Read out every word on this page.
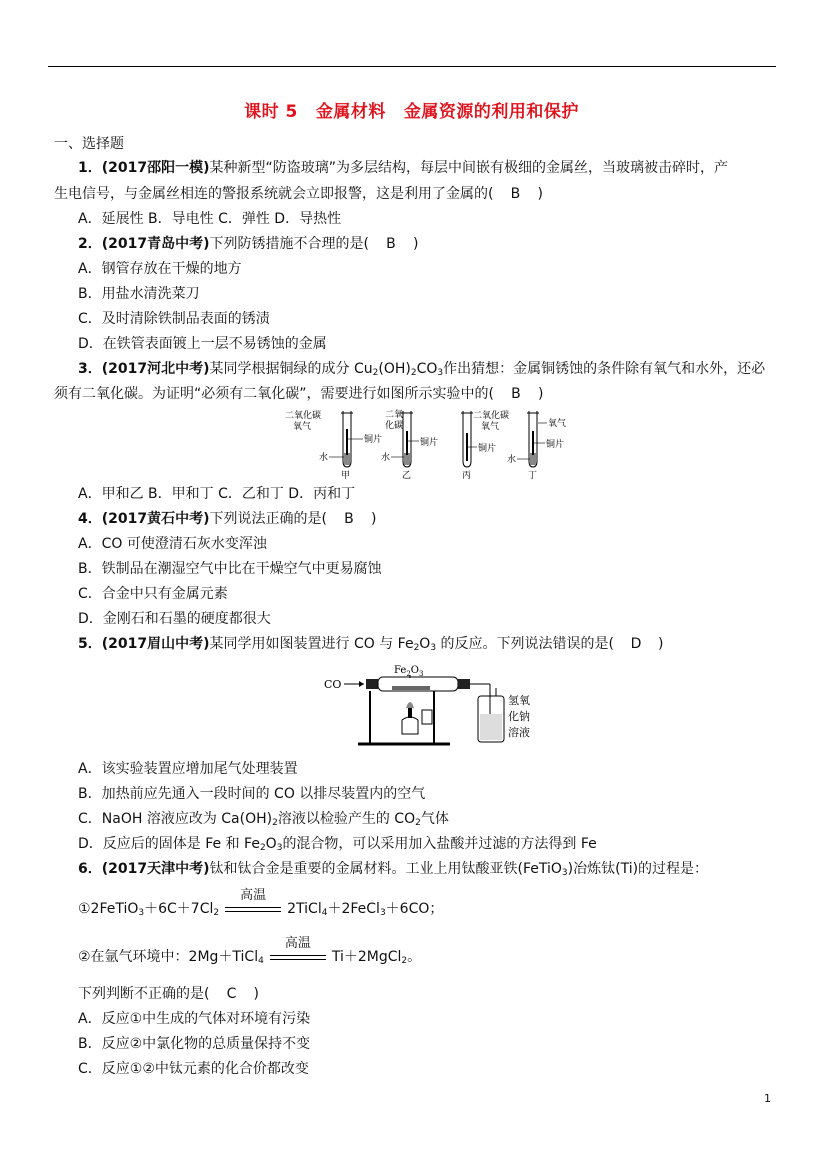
课时 5 金属材料 金属资源的利用和保护
一、选择题
1．(2017邵阳一模)某种新型“防盗玻璃”为多层结构，每层中间嵌有极细的金属丝，当玻璃被击碎时，产
生电信号，与金属丝相连的警报系统就会立即报警，这是利用了金属的( B )
A．延展性 B．导电性 C．弹性 D．导热性
2．(2017青岛中考)下列防锈措施不合理的是( B )
A．钢管存放在干燥的地方
B．用盐水清洗菜刀
C．及时清除铁制品表面的锈渍
D．在铁管表面镀上一层不易锈蚀的金属
3．(2017河北中考)某同学根据铜绿的成分 $Cu_2(OH)_2CO_3$作出猜想：金属铜锈蚀的条件除有氧气和水外，还必
须有二氧化碳。为证明“必须有二氧化碳”，需要进行如图所示实验中的( B )
二氧化碳
氧气
铜片
水
甲
二氧
化碳
铜片
水
乙
二氧化碳
氧气
铜片
丙
氧气
铜片
水
丁
A．甲和乙 B．甲和丁 C．乙和丁 D．丙和丁
4．(2017黄石中考)下列说法正确的是( B )
A．CO 可使澄清石灰水变浑浊
B．铁制品在潮湿空气中比在干燥空气中更易腐蚀
C．合金中只有金属元素
D．金刚石和石墨的硬度都很大
5．(2017眉山中考)某同学用如图装置进行 CO 与 $Fe_2O_3$ 的反应。下列说法错误的是( D )
CO
$Fe_2O_3$
氢氧
化钠
溶液
A．该实验装置应增加尾气处理装置
B．加热前应先通入一段时间的 CO 以排尽装置内的空气
C．NaOH 溶液应改为 $Ca(OH)_2$溶液以检验产生的 $CO_2$气体
D．反应后的固体是 Fe 和 $Fe_2O_3$的混合物，可以采用加入盐酸并过滤的方法得到 Fe
6．(2017天津中考)钛和钛合金是重要的金属材料。工业上用钛酸亚铁(FeTiO$_3$)冶炼钛(Ti)的过程是：
$①2FeTiO_3+6C+7Cl_2$
高温
2TiCl$_4$＋2FeCl$_3$＋6CO；
②在氩气环境中：2Mg＋TiCl$_4$
高温
Ti＋2MgCl$_2$。
下列判断不正确的是( C )
A．反应①中生成的气体对环境有污染
B．反应②中氯化物的总质量保持不变
C．反应①②中钛元素的化合价都改变
1
